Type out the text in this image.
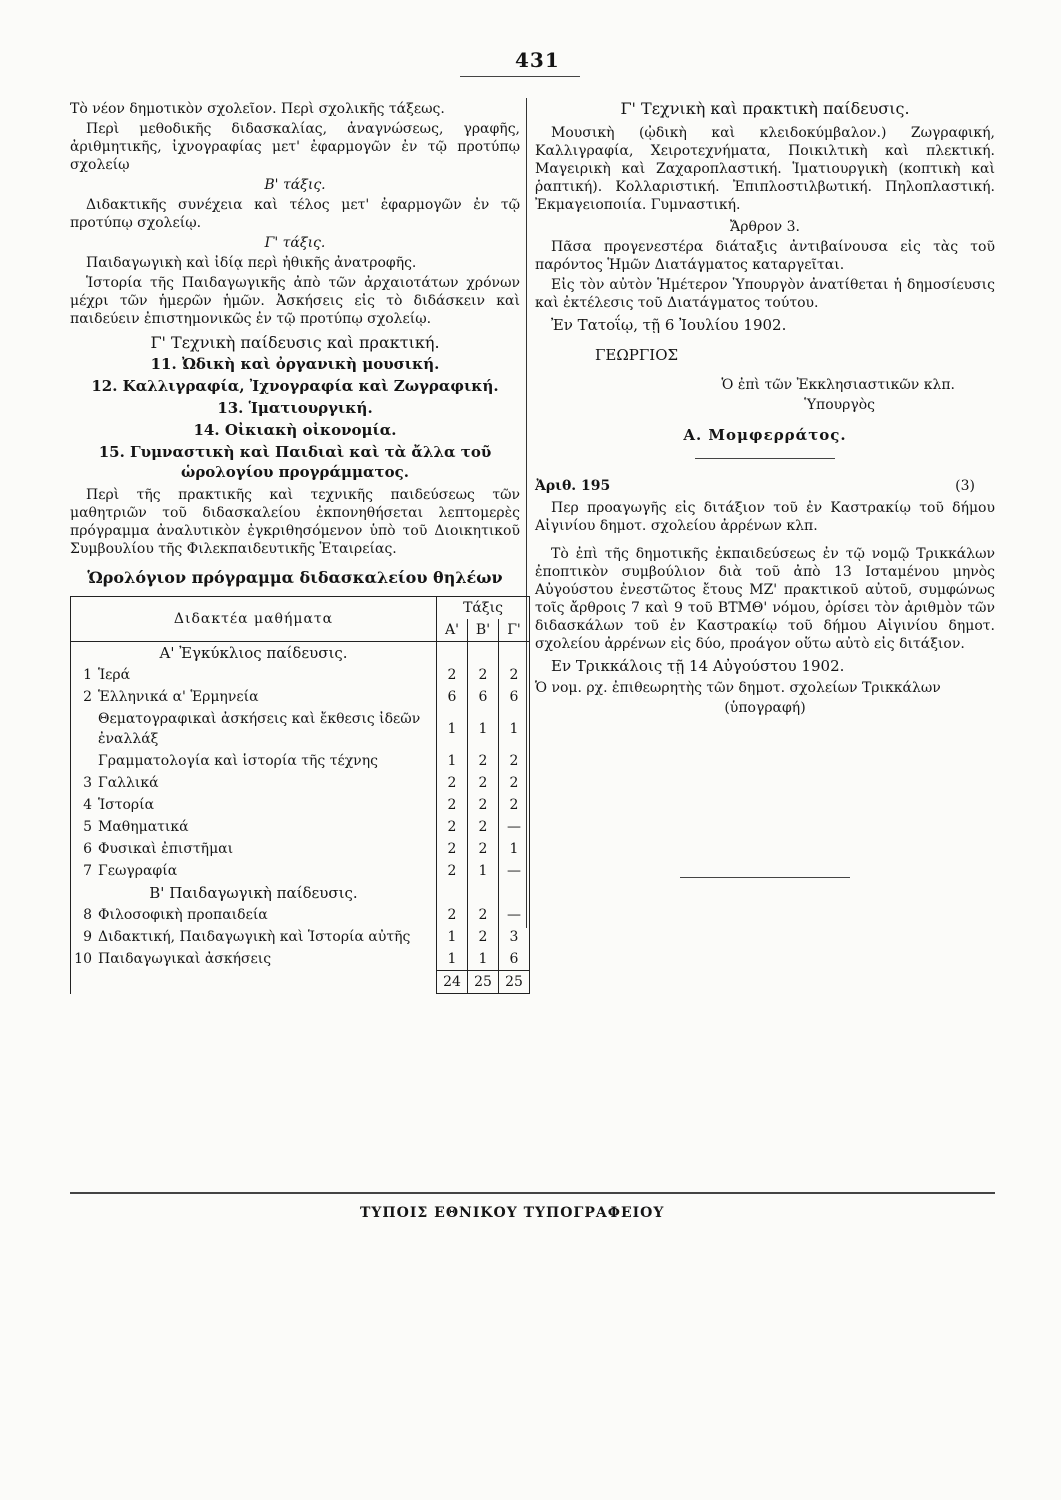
431

Τὸ νέον δημοτικὸν σχολεῖον. Περὶ σχολικῆς τάξεως.

Περὶ μεθοδικῆς διδασκαλίας, ἀναγνώσεως, γραφῆς, ἀριθμητικῆς, ἰχνογραφίας μετ' ἐφαρμογῶν ἐν τῷ προτύπῳ σχολείῳ

Β' τάξις.

Διδακτικῆς συνέχεια καὶ τέλος μετ' ἐφαρμογῶν ἐν τῷ προτύπῳ σχολείῳ.

Γ' τάξις.

Παιδαγωγικὴ καὶ ἰδίᾳ περὶ ἠθικῆς ἀνατροφῆς.

Ἱστορία τῆς Παιδαγωγικῆς ἀπὸ τῶν ἀρχαιοτάτων χρόνων μέχρι τῶν ἡμερῶν ἡμῶν. Ἀσκήσεις εἰς τὸ διδάσκειν καὶ παιδεύειν ἐπιστημονικῶς ἐν τῷ προτύπῳ σχολείῳ.

Γ' Τεχνικὴ παίδευσις καὶ πρακτική.
11. Ὠδικὴ καὶ ὀργανικὴ μουσική.
12. Καλλιγραφία, Ἰχνογραφία καὶ Ζωγραφική.
13. Ἱματιουργική.
14. Οἰκιακὴ οἰκονομία.
15. Γυμναστικὴ καὶ Παιδιαὶ καὶ τὰ ἄλλα τοῦ ὡρολογίου προγράμματος.

Περὶ τῆς πρακτικῆς καὶ τεχνικῆς παιδεύσεως τῶν μαθητριῶν τοῦ διδασκαλείου ἐκπονηθήσεται λεπτομερὲς πρόγραμμα ἀναλυτικὸν ἐγκριθησόμενον ὑπὸ τοῦ Διοικητικοῦ Συμβουλίου τῆς Φιλεκπαιδευτικῆς Ἑταιρείας.

Ὡρολόγιον πρόγραμμα διδασκαλείου θηλέων
Διδακτέα μαθήματα		Τάξις		
		Α'	Β'	Γ'
Α' Ἐγκύκλιος παίδευσις.				
1	Ἱερά	2	2	2
2	Ἑλληνικά α' Ἑρμηνεία	6	6	6
	Θεματογραφικαὶ ἀσκήσεις καὶ ἔκθεσις ἰδεῶν ἐναλλάξ	1	1	1
	Γραμματολογία καὶ ἱστορία τῆς τέχνης	1	2	2
3	Γαλλικά	2	2	2
4	Ἱστορία	2	2	2
5	Μαθηματικά	2	2	—
6	Φυσικαὶ ἐπιστῆμαι	2	2	1
7	Γεωγραφία	2	1	—
Β' Παιδαγωγικὴ παίδευσις.				
8	Φιλοσοφικὴ προπαιδεία	2	2	—
9	Διδακτική, Παιδαγωγικὴ καὶ Ἱστορία αὐτῆς	1	2	3
10	Παιδαγωγικαὶ ἀσκήσεις	1	1	6
		24	25	25
Γ' Τεχνικὴ καὶ πρακτικὴ παίδευσις.

Μουσικὴ (ᾠδικὴ καὶ κλειδοκύμβαλον.) Ζωγραφική, Καλλιγραφία, Χειροτεχνήματα, Ποικιλτικὴ καὶ πλεκτική. Μαγειρικὴ καὶ Ζαχαροπλαστική. Ἱματιουργικὴ (κοπτικὴ καὶ ῥαπτική). Κολλαριστική. Ἐπιπλοστιλβωτική. Πηλοπλαστική. Ἐκμαγειοποιία. Γυμναστική.

Ἄρθρον 3.

Πᾶσα προγενεστέρα διάταξις ἀντιβαίνουσα εἰς τὰς τοῦ παρόντος Ἡμῶν Διατάγματος καταργεῖται.

Εἰς τὸν αὐτὸν Ἡμέτερον Ὑπουργὸν ἀνατίθεται ἡ δημοσίευσις καὶ ἐκτέλεσις τοῦ Διατάγματος τούτου.

Ἐν Τατοΐῳ, τῇ 6 Ἰουλίου 1902.

ΓΕΩΡΓΙΟΣ

Ὁ ἐπὶ τῶν Ἐκκλησιαστικῶν κλπ.

Ὑπουργὸς

Α. Μομφερράτος.

Ἀριθ. 195	(3)

Περ προαγωγῆς εἰς διτάξιον τοῦ ἐν Καστρακίῳ τοῦ δήμου Αἰγινίου δημοτ. σχολείου ἀρρένων κλπ.

Τὸ ἐπὶ τῆς δημοτικῆς ἐκπαιδεύσεως ἐν τῷ νομῷ Τρικκάλων ἐποπτικὸν συμβούλιον διὰ τοῦ ἀπὸ 13 Ισταμένου μηνὸς Αὐγούστου ἐνεστῶτος ἔτους ΜΖ' πρακτικοῦ αὐτοῦ, συμφώνως τοῖς ἄρθροις 7 καὶ 9 τοῦ ΒΤΜΘ' νόμου, ὁρίσει τὸν ἀριθμὸν τῶν διδασκάλων τοῦ ἐν Καστρακίῳ τοῦ δήμου Αἰγινίου δημοτ. σχολείου ἀρρένων εἰς δύο, προάγον οὕτω αὐτὸ εἰς διτάξιον.

Εν Τρικκάλοις τῇ 14 Αὐγούστου 1902.

Ὁ νομ. ρχ. ἐπιθεωρητὴς τῶν δημοτ. σχολείων Τρικκάλων

(ὑπογραφή)

ΤΥΠΟΙΣ ΕΘΝΙΚΟΥ ΤΥΠΟΓΡΑΦΕΙΟΥ
